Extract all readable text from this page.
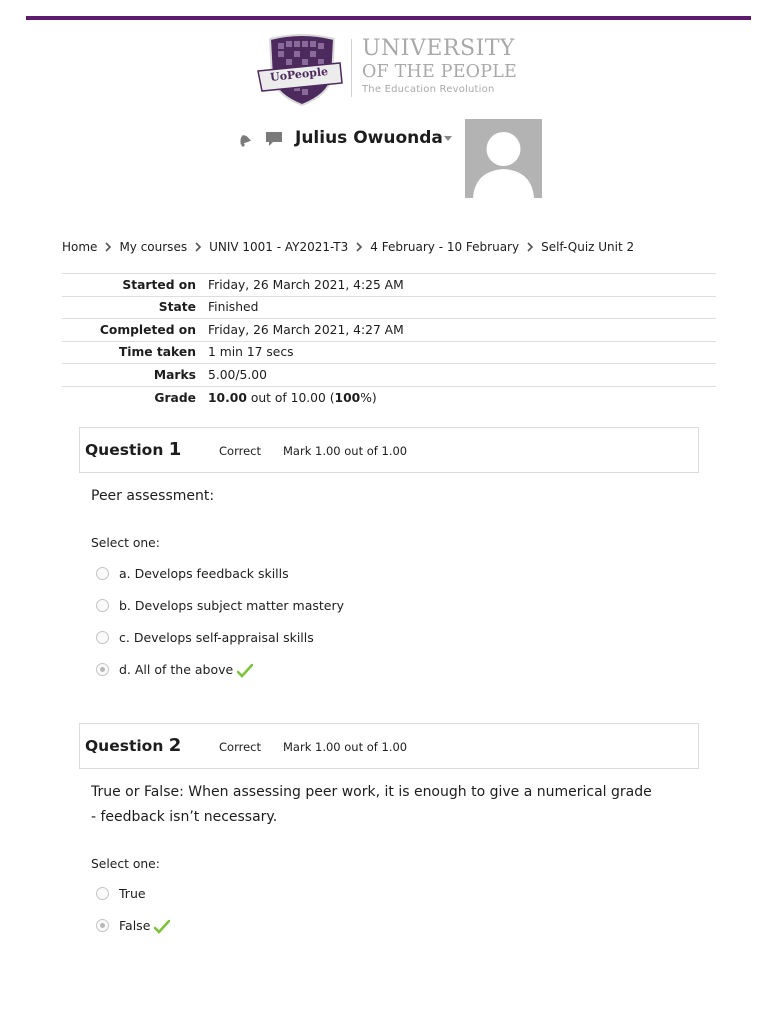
UoPeople
UNIVERSITY
OF THE PEOPLE
The Education Revolution
Julius Owuonda
Home My courses UNIV 1001 - AY2021-T3 4 February - 10 February Self-Quiz Unit 2
Started on	Friday, 26 March 2021, 4:25 AM
State	Finished
Completed on	Friday, 26 March 2021, 4:27 AM
Time taken	1 min 17 secs
Marks	5.00/5.00
Grade	10.00 out of 10.00 (100%)
Question 1	Correct Mark 1.00 out of 1.00
Peer assessment:
Select one:
a. Develops feedback skills
b. Develops subject matter mastery
c. Develops self-appraisal skills
d. All of the above
Question 2	Correct Mark 1.00 out of 1.00
True or False: When assessing peer work, it is enough to give a numerical grade - feedback isn’t necessary.
Select one:
True
False
